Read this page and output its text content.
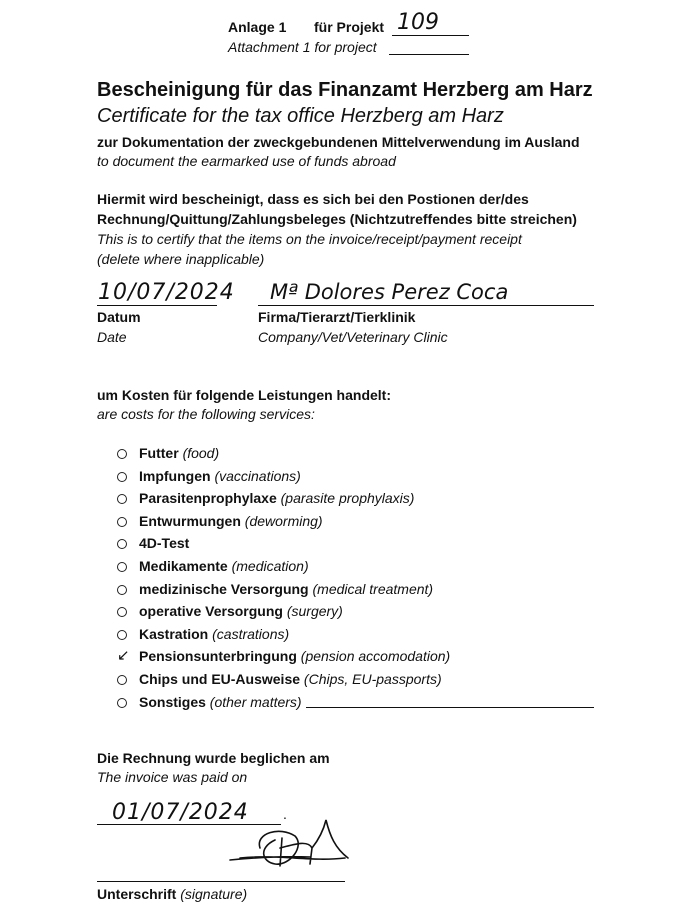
Anlage 1 für Projekt 109
Attachment 1 for project
Bescheinigung für das Finanzamt Herzberg am Harz
Certificate for the tax office Herzberg am Harz
zur Dokumentation der zweckgebundenen Mittelverwendung im Ausland
to document the earmarked use of funds abroad
Hiermit wird bescheinigt, dass es sich bei den Postionen der/des
Rechnung/Quittung/Zahlungsbeleges (Nichtzutreffendes bitte streichen)
This is to certify that the items on the invoice/receipt/payment receipt
(delete where inapplicable)
10/07/2024 Mª Dolores Perez Coca
Datum
Date
Firma/Tierarzt/Tierklinik
Company/Vet/Veterinary Clinic
um Kosten für folgende Leistungen handelt:
are costs for the following services:
Futter (food)
Impfungen (vaccinations)
Parasitenprophylaxe (parasite prophylaxis)
Entwurmungen (deworming)
4D-Test
Medikamente (medication)
medizinische Versorgung (medical treatment)
operative Versorgung (surgery)
Kastration (castrations)
↙ Pensionsunterbringung (pension accomodation)
Chips und EU-Ausweise (Chips, EU-passports)
Sonstiges (other matters)
Die Rechnung wurde beglichen am
The invoice was paid on
01/07/2024 .
Unterschrift (signature)
